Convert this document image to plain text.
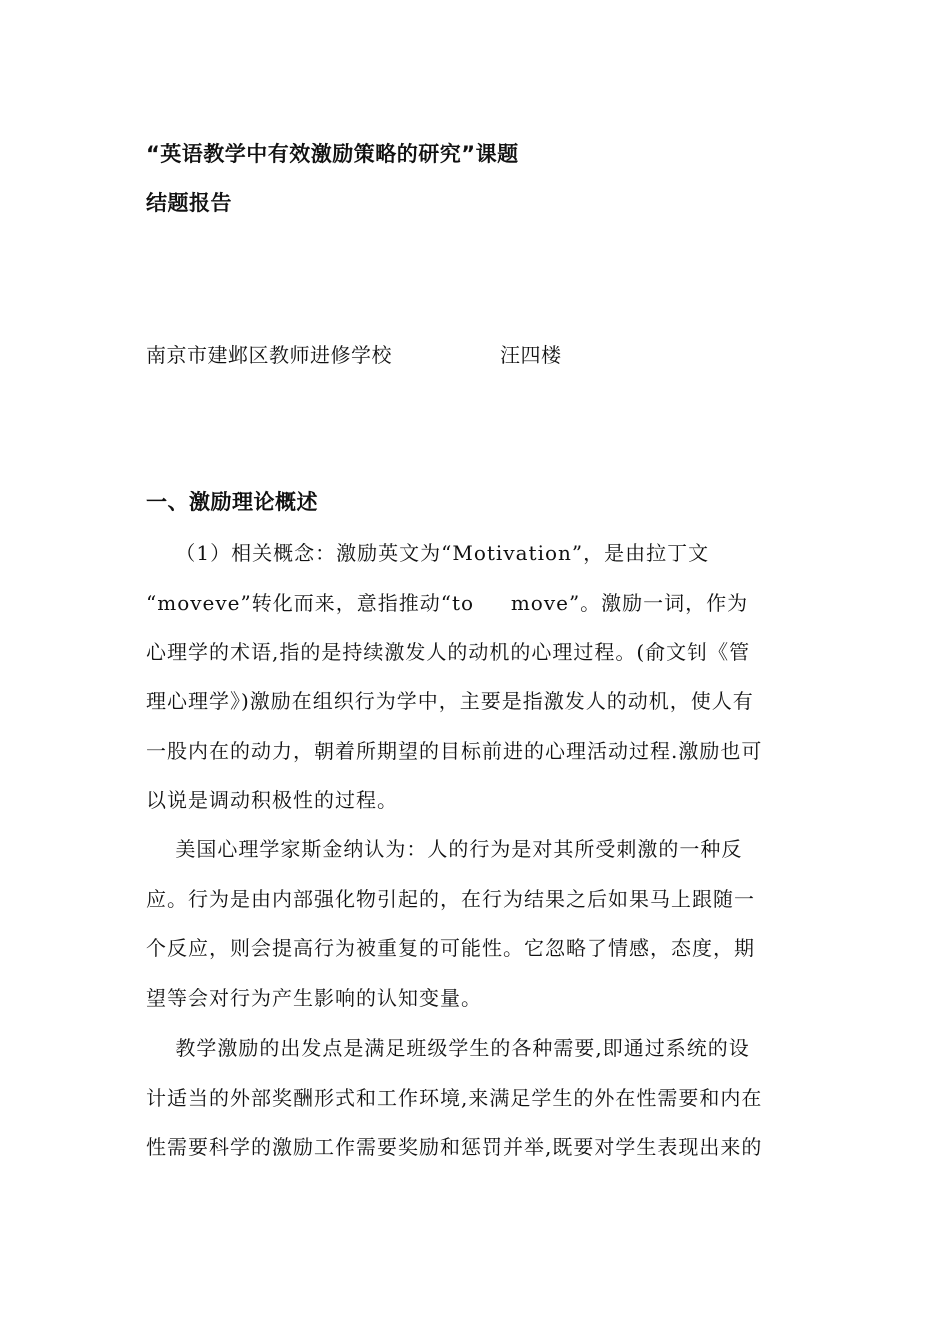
“英语教学中有效激励策略的研究”课题
结题报告
南京市建邺区教师进修学校	汪四楼
一、激励理论概述
（1）相关概念：激励英文为“Motivation”，是由拉丁文
“moveve”转化而来，意指推动“to     move”。激励一词，作为
心理学的术语,指的是持续激发人的动机的心理过程。(俞文钊《管
理心理学》)激励在组织行为学中，主要是指激发人的动机，使人有
一股内在的动力，朝着所期望的目标前进的心理活动过程.激励也可
以说是调动积极性的过程。
美国心理学家斯金纳认为：人的行为是对其所受刺激的一种反
应。行为是由内部强化物引起的，在行为结果之后如果马上跟随一
个反应，则会提高行为被重复的可能性。它忽略了情感，态度，期
望等会对行为产生影响的认知变量。
教学激励的出发点是满足班级学生的各种需要,即通过系统的设
计适当的外部奖酬形式和工作环境,来满足学生的外在性需要和内在
性需要科学的激励工作需要奖励和惩罚并举,既要对学生表现出来的
